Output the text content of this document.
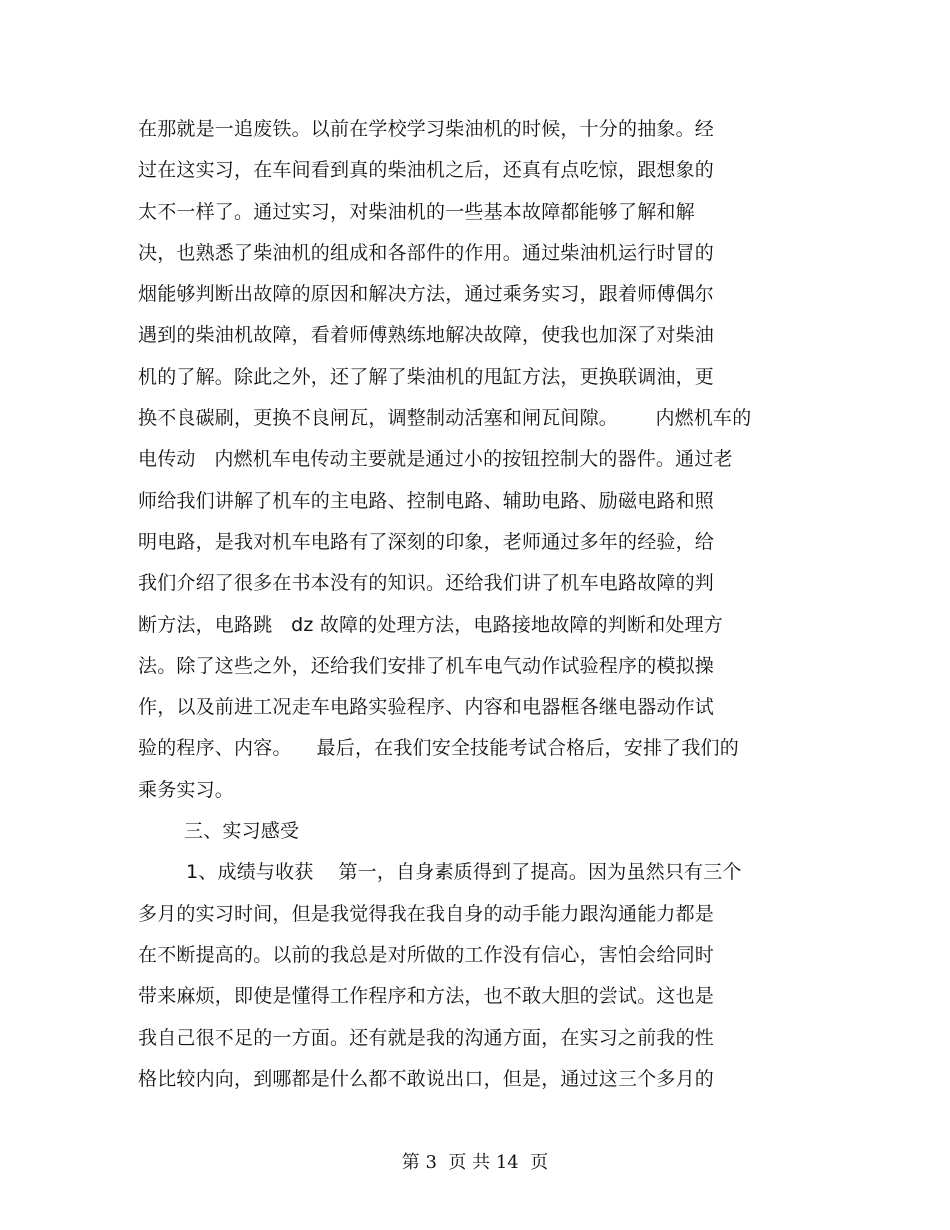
在那就是一追废铁。以前在学校学习柴油机的时候，十分的抽象。经
过在这实习，在车间看到真的柴油机之后，还真有点吃惊，跟想象的
太不一样了。通过实习，对柴油机的一些基本故障都能够了解和解
决，也熟悉了柴油机的组成和各部件的作用。通过柴油机运行时冒的
烟能够判断出故障的原因和解决方法，通过乘务实习，跟着师傅偶尔
遇到的柴油机故障，看着师傅熟练地解决故障，使我也加深了对柴油
机的了解。除此之外，还了解了柴油机的甩缸方法，更换联调油，更
换不良碳刷，更换不良闸瓦，调整制动活塞和闸瓦间隙。      内燃机车的
电传动   内燃机车电传动主要就是通过小的按钮控制大的器件。通过老
师给我们讲解了机车的主电路、控制电路、辅助电路、励磁电路和照
明电路，是我对机车电路有了深刻的印象，老师通过多年的经验，给
我们介绍了很多在书本没有的知识。还给我们讲了机车电路故障的判
断方法，电路跳   dz 故障的处理方法，电路接地故障的判断和处理方
法。除了这些之外，还给我们安排了机车电气动作试验程序的模拟操
作，以及前进工况走车电路实验程序、内容和电器框各继电器动作试
验的程序、内容。    最后，在我们安全技能考试合格后，安排了我们的
乘务实习。
三、实习感受
1、成绩与收获    第一，自身素质得到了提高。因为虽然只有三个
多月的实习时间，但是我觉得我在我自身的动手能力跟沟通能力都是
在不断提高的。以前的我总是对所做的工作没有信心，害怕会给同时
带来麻烦，即使是懂得工作程序和方法，也不敢大胆的尝试。这也是
我自己很不足的一方面。还有就是我的沟通方面，在实习之前我的性
格比较内向，到哪都是什么都不敢说出口，但是，通过这三个多月的
第 3  页 共 14  页
